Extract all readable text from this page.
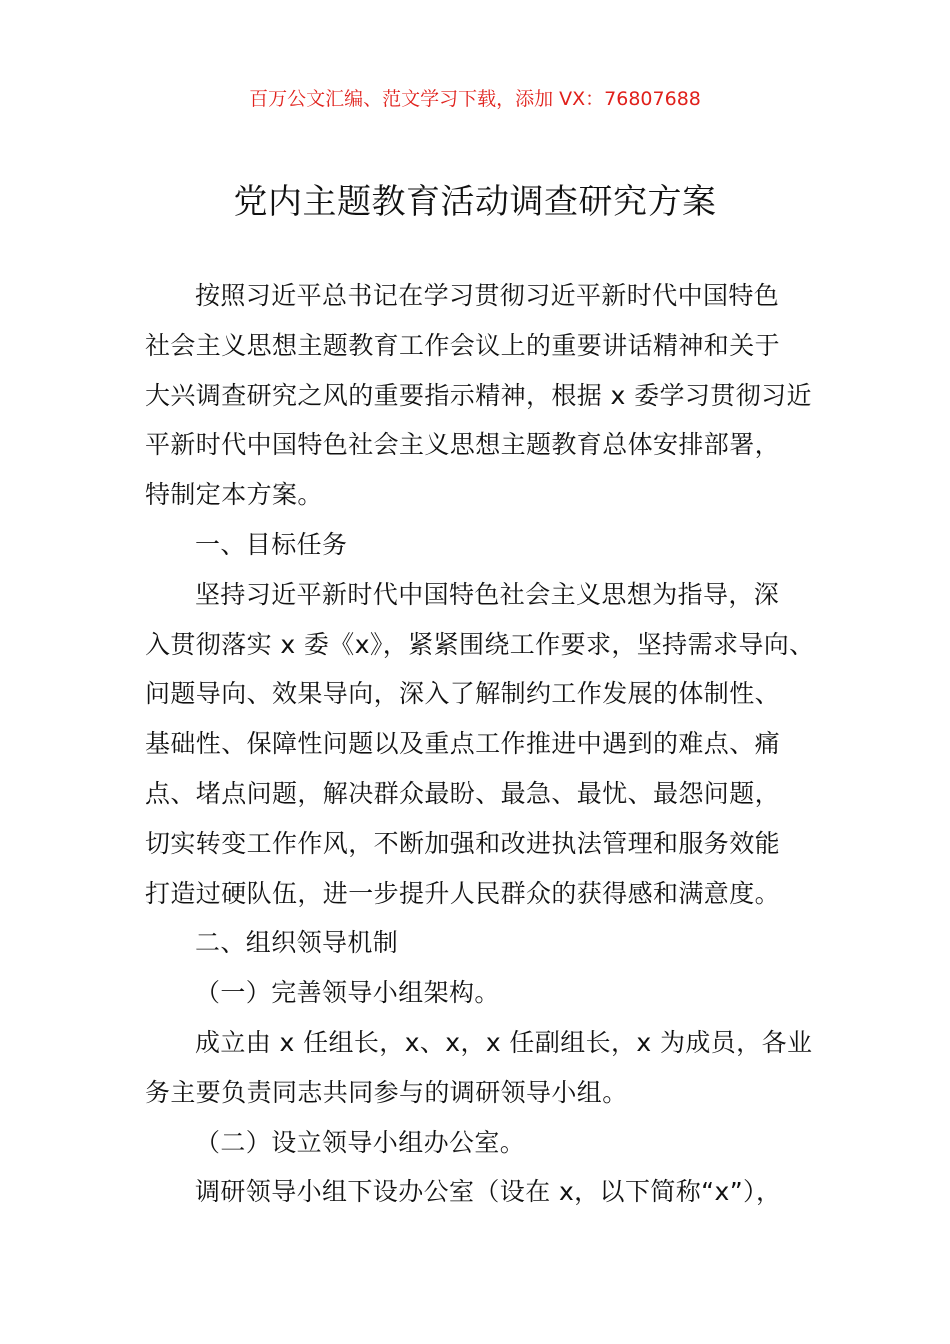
百万公文汇编、范文学习下载，添加 VX：76807688
党内主题教育活动调查研究方案
按照习近平总书记在学习贯彻习近平新时代中国特色
社会主义思想主题教育工作会议上的重要讲话精神和关于
大兴调查研究之风的重要指示精神，根据 x 委学习贯彻习近
平新时代中国特色社会主义思想主题教育总体安排部署，
特制定本方案。
一、目标任务
坚持习近平新时代中国特色社会主义思想为指导，深
入贯彻落实 x 委《x》，紧紧围绕工作要求，坚持需求导向、
问题导向、效果导向，深入了解制约工作发展的体制性、
基础性、保障性问题以及重点工作推进中遇到的难点、痛
点、堵点问题，解决群众最盼、最急、最忧、最怨问题，
切实转变工作作风，不断加强和改进执法管理和服务效能
打造过硬队伍，进一步提升人民群众的获得感和满意度。
二、组织领导机制
（一）完善领导小组架构。
成立由 x 任组长，x、x，x 任副组长，x 为成员，各业
务主要负责同志共同参与的调研领导小组。
（二）设立领导小组办公室。
调研领导小组下设办公室（设在 x，以下简称“x”），
